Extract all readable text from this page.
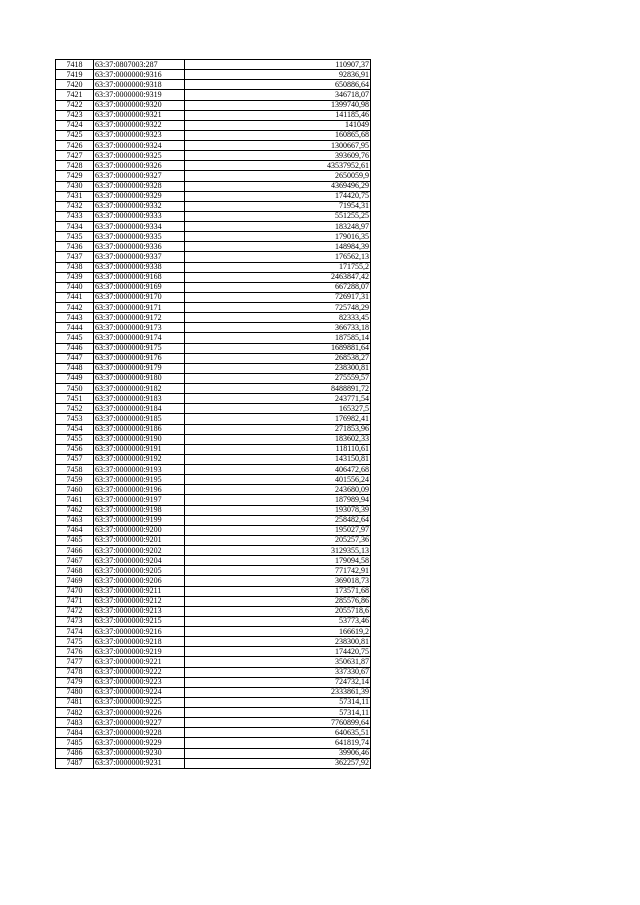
7418	63:37:0807003:287	110907,37
7419	63:37:0000000:9316	92836,91
7420	63:37:0000000:9318	650886,64
7421	63:37:0000000:9319	346718,07
7422	63:37:0000000:9320	1399740,98
7423	63:37:0000000:9321	141185,46
7424	63:37:0000000:9322	141049
7425	63:37:0000000:9323	160865,68
7426	63:37:0000000:9324	1300667,95
7427	63:37:0000000:9325	393609,76
7428	63:37:0000000:9326	43537952,61
7429	63:37:0000000:9327	2650059,9
7430	63:37:0000000:9328	4369496,29
7431	63:37:0000000:9329	174420,75
7432	63:37:0000000:9332	71954,31
7433	63:37:0000000:9333	551255,25
7434	63:37:0000000:9334	183248,97
7435	63:37:0000000:9335	179016,35
7436	63:37:0000000:9336	148984,39
7437	63:37:0000000:9337	176562,13
7438	63:37:0000000:9338	171755,2
7439	63:37:0000000:9168	2463847,42
7440	63:37:0000000:9169	667288,07
7441	63:37:0000000:9170	726917,31
7442	63:37:0000000:9171	725748,29
7443	63:37:0000000:9172	82333,45
7444	63:37:0000000:9173	366733,18
7445	63:37:0000000:9174	187585,14
7446	63:37:0000000:9175	1689881,64
7447	63:37:0000000:9176	268538,27
7448	63:37:0000000:9179	238300,81
7449	63:37:0000000:9180	275559,57
7450	63:37:0000000:9182	8488891,72
7451	63:37:0000000:9183	243771,54
7452	63:37:0000000:9184	165327,5
7453	63:37:0000000:9185	176982,41
7454	63:37:0000000:9186	271853,96
7455	63:37:0000000:9190	183602,33
7456	63:37:0000000:9191	118110,61
7457	63:37:0000000:9192	143150,81
7458	63:37:0000000:9193	406472,68
7459	63:37:0000000:9195	401556,24
7460	63:37:0000000:9196	243680,09
7461	63:37:0000000:9197	187989,94
7462	63:37:0000000:9198	193078,39
7463	63:37:0000000:9199	258482,64
7464	63:37:0000000:9200	195027,97
7465	63:37:0000000:9201	205257,36
7466	63:37:0000000:9202	3129355,13
7467	63:37:0000000:9204	179094,58
7468	63:37:0000000:9205	771742,91
7469	63:37:0000000:9206	369018,73
7470	63:37:0000000:9211	173571,68
7471	63:37:0000000:9212	285576,86
7472	63:37:0000000:9213	2055718,6
7473	63:37:0000000:9215	53773,46
7474	63:37:0000000:9216	166619,2
7475	63:37:0000000:9218	238300,81
7476	63:37:0000000:9219	174420,75
7477	63:37:0000000:9221	350631,87
7478	63:37:0000000:9222	337330,67
7479	63:37:0000000:9223	724732,14
7480	63:37:0000000:9224	2333861,39
7481	63:37:0000000:9225	57314,11
7482	63:37:0000000:9226	57314,11
7483	63:37:0000000:9227	7760899,64
7484	63:37:0000000:9228	640635,51
7485	63:37:0000000:9229	641819,74
7486	63:37:0000000:9230	39906,46
7487	63:37:0000000:9231	362257,92
